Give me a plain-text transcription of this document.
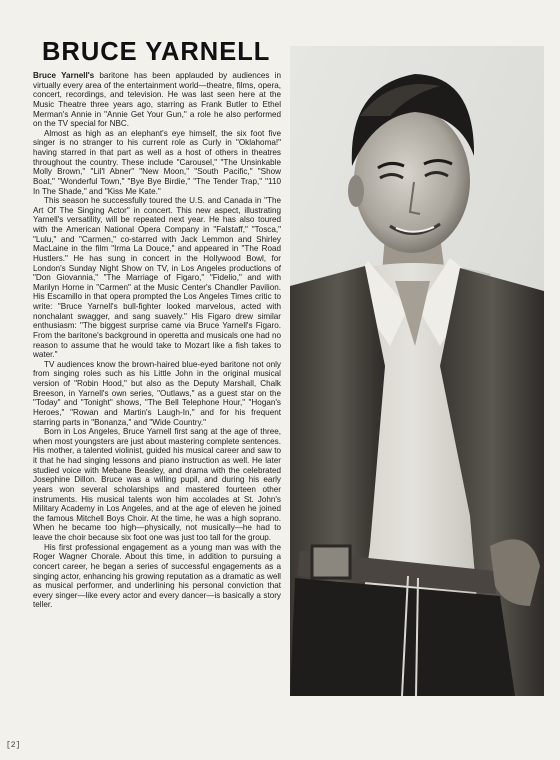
BRUCE YARNELL

Bruce Yarnell's baritone has been applauded by audiences in virtually every area of the entertainment world—theatre, films, opera, concert, recordings, and television. He was last seen here at the Music Theatre three years ago, starring as Frank Butler to Ethel Merman's Annie in "Annie Get Your Gun," a role he also performed on the TV special for NBC.

Almost as high as an elephant's eye himself, the six foot five singer is no stranger to his current role as Curly in "Oklahoma!" having starred in that part as well as a host of others in theatres throughout the country. These include "Carousel," "The Unsinkable Molly Brown," "Lil'l Abner" "New Moon," "South Pacific," "Show Boat," "Wonderful Town," "Bye Bye Birdie," "The Tender Trap," "110 In The Shade," and "Kiss Me Kate."

This season he successfully toured the U.S. and Canada in "The Art Of The Singing Actor" in concert. This new aspect, illustrating Yarnell's versatility, will be repeated next year. He has also toured with the American National Opera Company in "Falstaff," "Tosca," "Lulu," and "Carmen," co-starred with Jack Lemmon and Shirley MacLaine in the film "Irma La Douce," and appeared in "The Road Hustlers." He has sung in concert in the Hollywood Bowl, for London's Sunday Night Show on TV, in Los Angeles productions of "Don Giovannia," "The Marriage of Figaro," "Fidelio," and with Marilyn Horne in "Carmen" at the Music Center's Chandler Pavilion. His Escamillo in that opera prompted the Los Angeles Times critic to write: "Bruce Yarnell's bull-fighter looked marvelous, acted with nonchalant swagger, and sang suavely." His Figaro drew similar enthusiasm: "The biggest surprise came via Bruce Yarnell's Figaro. From the baritone's background in operetta and musicals one had no reason to assume that he would take to Mozart like a fish takes to water."

TV audiences know the brown-haired blue-eyed baritone not only from singing roles such as his Little John in the original musical version of "Robin Hood," but also as the Deputy Marshall, Chalk Breeson, in Yarnell's own series, "Outlaws," as a guest star on the "Today" and "Tonight" shows, "The Bell Telephone Hour," "Hogan's Heroes," "Rowan and Martin's Laugh-In," and for his frequent starring parts in "Bonanza," and "Wide Country."

Born in Los Angeles, Bruce Yarnell first sang at the age of three, when most youngsters are just about mastering complete sentences. His mother, a talented violinist, guided his musical career and saw to it that he had singing lessons and piano instruction as well. He later studied voice with Mebane Beasley, and drama with the celebrated Josephine Dillon. Bruce was a willing pupil, and during his early years won several scholarships and mastered fourteen other instruments. His musical talents won him accolades at St. John's Military Academy in Los Angeles, and at the age of eleven he joined the famous Mitchell Boys Choir. At the time, he was a high soprano. When he became too high—physically, not musically—he had to leave the choir because six foot one was just too tall for the group.

His first professional engagement as a young man was with the Roger Wagner Chorale. About this time, in addition to pursuing a concert career, he began a series of successful engagements as a singing actor, enhancing his growing reputation as a dramatic as well as musical performer, and underlining his personal conviction that every singer—like every actor and every dancer—is basically a story teller.

[2]
